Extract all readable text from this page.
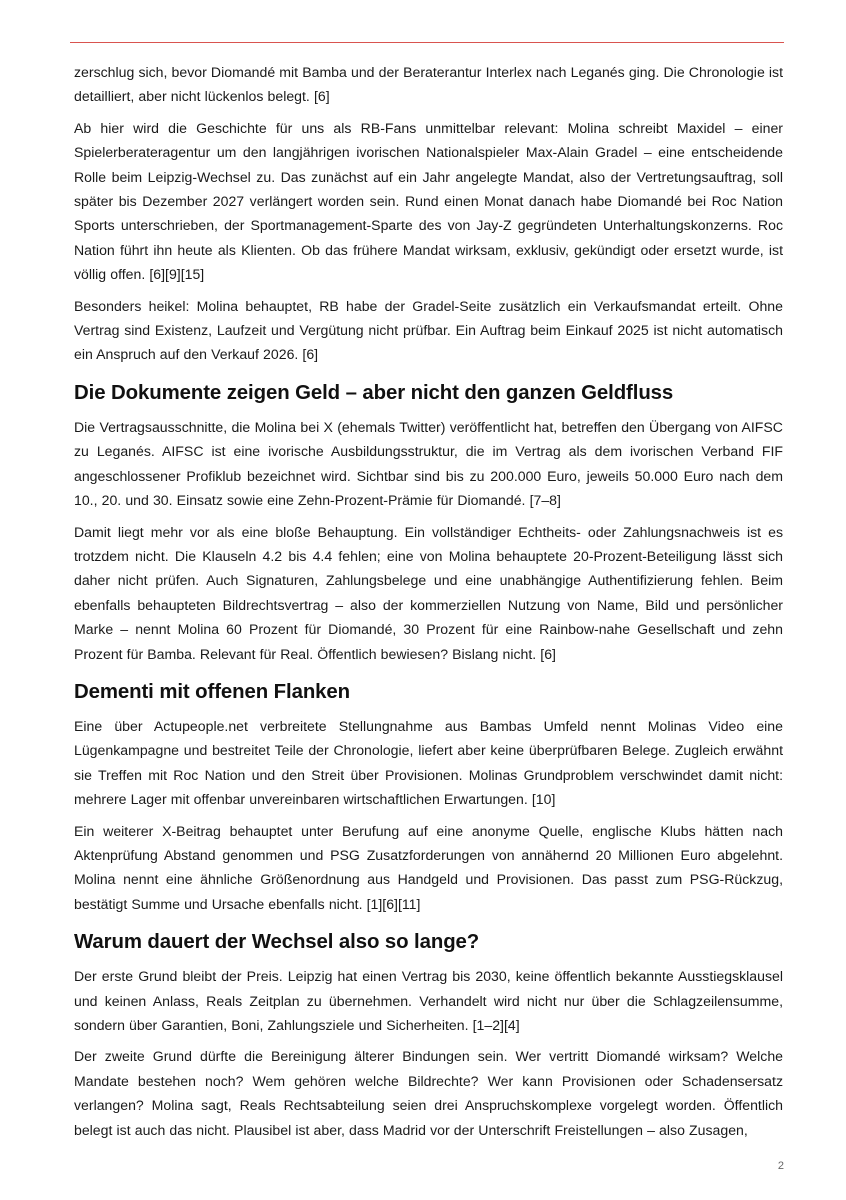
zerschlug sich, bevor Diomandé mit Bamba und der Beraterantur Interlex nach Leganés ging. Die Chronologie ist detailliert, aber nicht lückenlos belegt. [6]

Ab hier wird die Geschichte für uns als RB-Fans unmittelbar relevant: Molina schreibt Maxidel – einer Spielerberateragentur um den langjährigen ivorischen Nationalspieler Max-Alain Gradel – eine entscheidende Rolle beim Leipzig-Wechsel zu. Das zunächst auf ein Jahr angelegte Mandat, also der Vertretungsauftrag, soll später bis Dezember 2027 verlängert worden sein. Rund einen Monat danach habe Diomandé bei Roc Nation Sports unterschrieben, der Sportmanagement-Sparte des von Jay-Z gegründeten Unterhaltungskonzerns. Roc Nation führt ihn heute als Klienten. Ob das frühere Mandat wirksam, exklusiv, gekündigt oder ersetzt wurde, ist völlig offen. [6][9][15]

Besonders heikel: Molina behauptet, RB habe der Gradel-Seite zusätzlich ein Verkaufsmandat erteilt. Ohne Vertrag sind Existenz, Laufzeit und Vergütung nicht prüfbar. Ein Auftrag beim Einkauf 2025 ist nicht automatisch ein Anspruch auf den Verkauf 2026. [6]

Die Dokumente zeigen Geld – aber nicht den ganzen Geldfluss

Die Vertragsausschnitte, die Molina bei X (ehemals Twitter) veröffentlicht hat, betreffen den Übergang von AIFSC zu Leganés. AIFSC ist eine ivorische Ausbildungsstruktur, die im Vertrag als dem ivorischen Verband FIF angeschlossener Profiklub bezeichnet wird. Sichtbar sind bis zu 200.000 Euro, jeweils 50.000 Euro nach dem 10., 20. und 30. Einsatz sowie eine Zehn-Prozent-Prämie für Diomandé. [7–8]

Damit liegt mehr vor als eine bloße Behauptung. Ein vollständiger Echtheits- oder Zahlungsnachweis ist es trotzdem nicht. Die Klauseln 4.2 bis 4.4 fehlen; eine von Molina behauptete 20-Prozent-Beteiligung lässt sich daher nicht prüfen. Auch Signaturen, Zahlungsbelege und eine unabhängige Authentifizierung fehlen. Beim ebenfalls behaupteten Bildrechtsvertrag – also der kommerziellen Nutzung von Name, Bild und persönlicher Marke – nennt Molina 60 Prozent für Diomandé, 30 Prozent für eine Rainbow-nahe Gesellschaft und zehn Prozent für Bamba. Relevant für Real. Öffentlich bewiesen? Bislang nicht. [6]

Dementi mit offenen Flanken

Eine über Actupeople.net verbreitete Stellungnahme aus Bambas Umfeld nennt Molinas Video eine Lügenkampagne und bestreitet Teile der Chronologie, liefert aber keine überprüfbaren Belege. Zugleich erwähnt sie Treffen mit Roc Nation und den Streit über Provisionen. Molinas Grundproblem verschwindet damit nicht: mehrere Lager mit offenbar unvereinbaren wirtschaftlichen Erwartungen. [10]

Ein weiterer X-Beitrag behauptet unter Berufung auf eine anonyme Quelle, englische Klubs hätten nach Aktenprüfung Abstand genommen und PSG Zusatzforderungen von annähernd 20 Millionen Euro abgelehnt. Molina nennt eine ähnliche Größenordnung aus Handgeld und Provisionen. Das passt zum PSG-Rückzug, bestätigt Summe und Ursache ebenfalls nicht. [1][6][11]

Warum dauert der Wechsel also so lange?

Der erste Grund bleibt der Preis. Leipzig hat einen Vertrag bis 2030, keine öffentlich bekannte Ausstiegsklausel und keinen Anlass, Reals Zeitplan zu übernehmen. Verhandelt wird nicht nur über die Schlagzeilensumme, sondern über Garantien, Boni, Zahlungsziele und Sicherheiten. [1–2][4]

Der zweite Grund dürfte die Bereinigung älterer Bindungen sein. Wer vertritt Diomandé wirksam? Welche Mandate bestehen noch? Wem gehören welche Bildrechte? Wer kann Provisionen oder Schadensersatz verlangen? Molina sagt, Reals Rechtsabteilung seien drei Anspruchskomplexe vorgelegt worden. Öffentlich belegt ist auch das nicht. Plausibel ist aber, dass Madrid vor der Unterschrift Freistellungen – also Zusagen,

2
